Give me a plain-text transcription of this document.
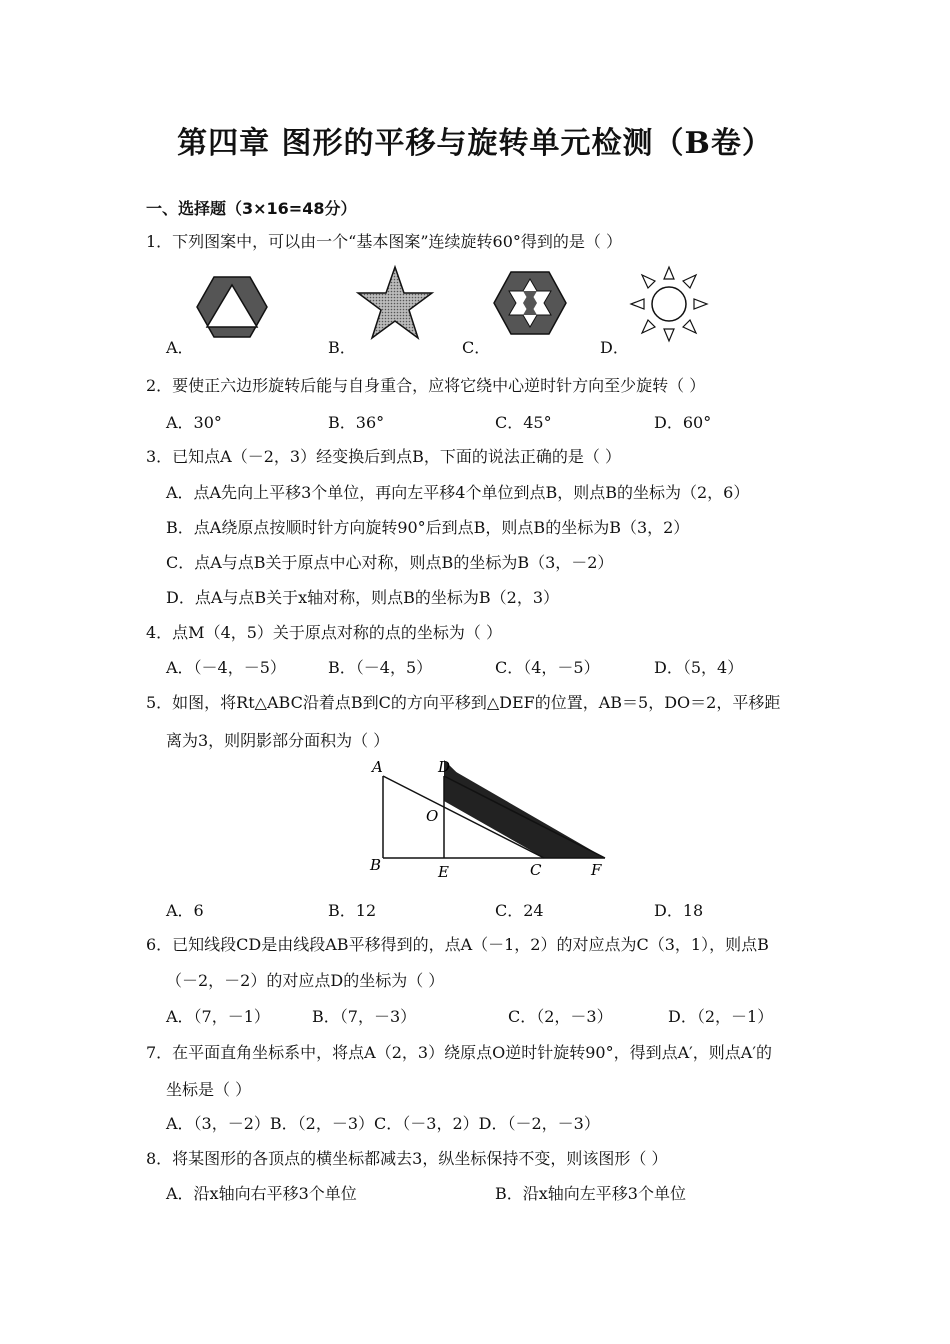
第四章 图形的平移与旋转单元检测（B卷）
一、选择题（3×16=48分）
1．下列图案中，可以由一个“基本图案”连续旋转60°得到的是（ ）
A．	B．	C．	D．
2．要使正六边形旋转后能与自身重合，应将它绕中心逆时针方向至少旋转（ ）
A．30°	B．36°	C．45°	D．60°
3．已知点A（－2，3）经变换后到点B，下面的说法正确的是（ ）
A．点A先向上平移3个单位，再向左平移4个单位到点B，则点B的坐标为（2，6）
B．点A绕原点按顺时针方向旋转90°后到点B，则点B的坐标为B（3，2）
C．点A与点B关于原点中心对称，则点B的坐标为B（3，－2）
D．点A与点B关于x轴对称，则点B的坐标为B（2，3）
4．点M（4，5）关于原点对称的点的坐标为（ ）
A．（－4，－5）	B．（－4，5）	C．（4，－5）	D．（5，4）
5．如图，将Rt△ABC沿着点B到C的方向平移到△DEF的位置，AB＝5，DO＝2，平移距
离为3，则阴影部分面积为（ ）
A	D
O
B	E	C	F
A．6	B．12	C．24	D．18
6．已知线段CD是由线段AB平移得到的，点A（－1，2）的对应点为C（3，1），则点B
（－2，－2）的对应点D的坐标为（ ）
A．（7，－1）	B．（7，－3）	C．（2，－3）	D．（2，－1）
7．在平面直角坐标系中，将点A（2，3）绕原点O逆时针旋转90°，得到点A′，则点A′的
坐标是（ ）
A．（3，－2）B．（2，－3）C．（－3，2）D．（－2，－3）
8．将某图形的各顶点的横坐标都减去3，纵坐标保持不变，则该图形（ ）
A．沿x轴向右平移3个单位	B．沿x轴向左平移3个单位
